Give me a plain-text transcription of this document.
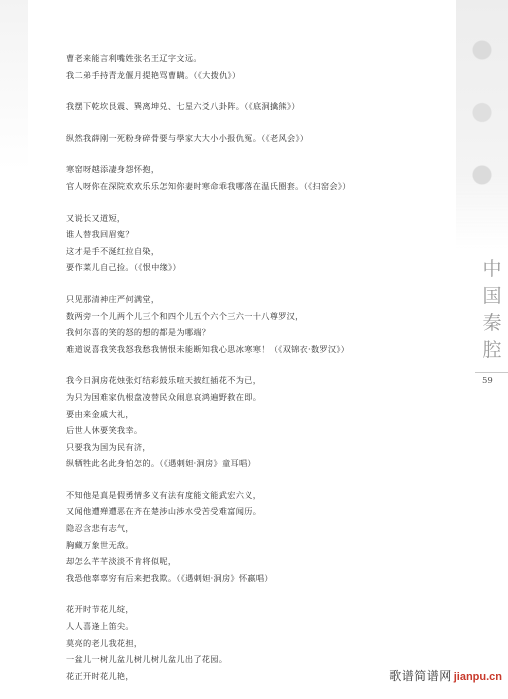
曹老来能言利嘴姓张名王辽字文远。
我二弟手持青龙偃月提艳骂曹瞒。（《大拨仇》）
我摆下乾坎艮震、巽离坤兑、七星六爻八卦阵。（《底洞擒熊》）
纵然我薛刚一死粉身碎骨要与學家大大小小报仇冤。（《老风会》）
寒窑呀越添凄身怨怀抱，
官人呀你在深院欢欢乐乐怎知你妻时寒命乖我哪落在温氏圈套。（《扫窑会》）
又说长又道短，
谁人替我回眉寃？
这才是手不涎红拉自染，
要作菜儿自己捡。（《恨中缘》）
只见那清神庄严何满堂，
数两旁一个儿两个儿三个和四个儿五个六个三六一十八尊罗汉，
我何尔喜的笑的怒的想的都是为哪端？
难道说喜我笑我怒我愁我情恨未能断知我心思冰寒寒！（《双锦衣·数罗汉》）
我今日洞房花烛张灯结彩鼓乐喧天披红插花不为已，
为只为国难家仇根盘凌替民众闹息哀鸿遍野救在即。
要由来金戚大礼，
后世人休要笑我幸。
只要我为国为民有济，
纵牺牲此名此身怕怎的。（《遇刺妲·洞房》童耳唱）
不知他是真是假勇情多义有法有度能文能武宏六义，
又闻他遭殚遭恶在齐在楚涉山涉水受苦受难富闻历。
隐忍含悲有志气，
胸藏万象世无敌。
却怎么芊芊淡淡不肯将似呢，
我恐他辜辜穷有后来把我欺。（《遇刺妲·洞房》怀嬴唱）
花开时节花儿绽，
人人喜逢上笛尖。
莫亮的老儿我花担，
一盆儿一树儿盆儿树儿树儿盆儿出了花园。
花正开时花儿艳，
中
国
秦
腔
59
歌谱简谱网 jianpu.cn
